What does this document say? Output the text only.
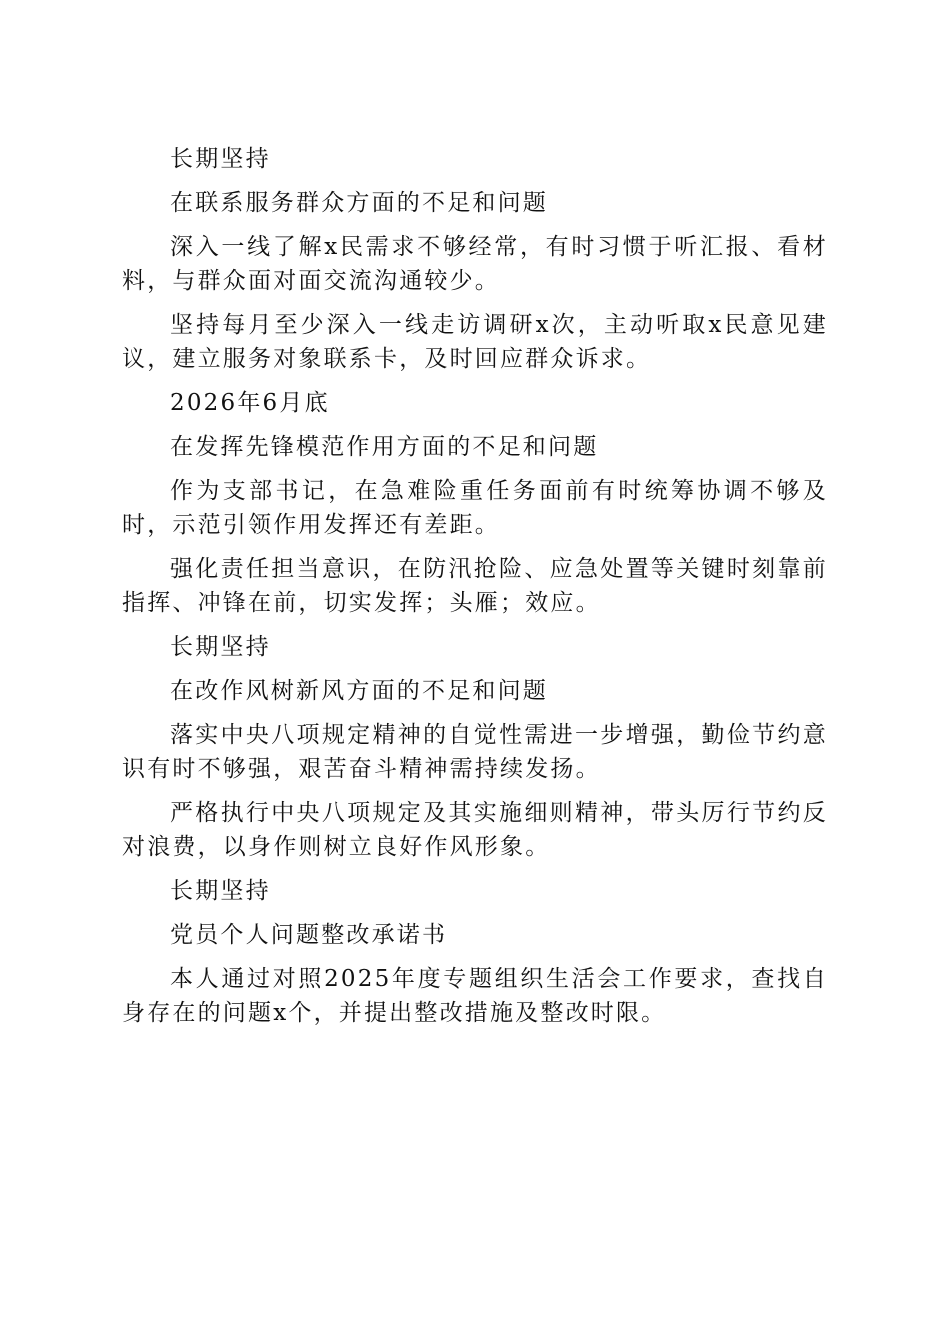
长期坚持

在联系服务群众方面的不足和问题

深入一线了解x民需求不够经常，有时习惯于听汇报、看材料，与群众面对面交流沟通较少。

坚持每月至少深入一线走访调研x次，主动听取x民意见建议，建立服务对象联系卡，及时回应群众诉求。

2026年6月底

在发挥先锋模范作用方面的不足和问题

作为支部书记，在急难险重任务面前有时统筹协调不够及时，示范引领作用发挥还有差距。

强化责任担当意识，在防汛抢险、应急处置等关键时刻靠前指挥、冲锋在前，切实发挥；头雁；效应。

长期坚持

在改作风树新风方面的不足和问题

落实中央八项规定精神的自觉性需进一步增强，勤俭节约意识有时不够强，艰苦奋斗精神需持续发扬。

严格执行中央八项规定及其实施细则精神，带头厉行节约反对浪费，以身作则树立良好作风形象。

长期坚持

党员个人问题整改承诺书

本人通过对照2025年度专题组织生活会工作要求，查找自身存在的问题x个，并提出整改措施及整改时限。
